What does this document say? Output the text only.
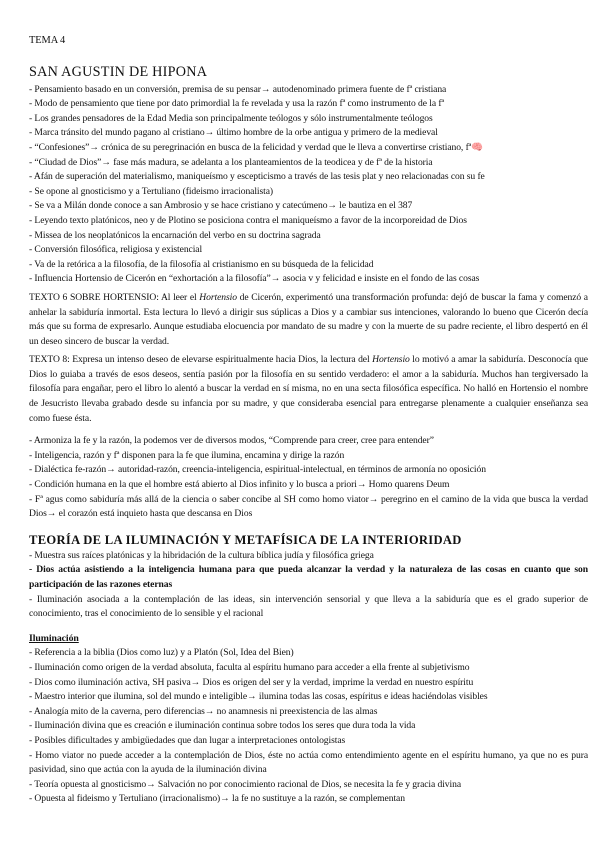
TEMA 4
SAN AGUSTIN DE HIPONA
- Pensamiento basado en un conversión, premisa de su pensar→ autodenominado primera fuente de fª cristiana
- Modo de pensamiento que tiene por dato primordial la fe revelada y usa la razón fª como instrumento de la fª
- Los grandes pensadores de la Edad Media son principalmente teólogos y sólo instrumentalmente teólogos
- Marca tránsito del mundo pagano al cristiano→ último hombre de la orbe antigua y primero de la medieval
- “Confesiones”→ crónica de su peregrinación en busca de la felicidad y verdad que le lleva a convertirse cristiano, fª🧠
- “Ciudad de Dios”→ fase más madura, se adelanta a los planteamientos de la teodicea y de fª de la historia
- Afán de superación del materialismo, maniqueísmo y escepticismo a través de las tesis plat y neo relacionadas con su fe
- Se opone al gnosticismo y a Tertuliano (fideismo irracionalista)
- Se va a Milán donde conoce a san Ambrosio y se hace cristiano y catecúmeno→ le bautiza en el 387
- Leyendo texto platónicos, neo y de Plotino se posiciona contra el maniqueísmo a favor de la incorporeidad de Dios
- Missea de los neoplatónicos la encarnación del verbo en su doctrina sagrada
- Conversión filosófica, religiosa y existencial
- Va de la retórica a la filosofía, de la filosofía al cristianismo en su búsqueda de la felicidad
- Influencia Hortensio de Cicerón en “exhortación a la filosofía”→ asocia v y felicidad e insiste en el fondo de las cosas
TEXTO 6 SOBRE HORTENSIO: Al leer el Hortensio de Cicerón, experimentó una transformación profunda: dejó de buscar la fama y comenzó a anhelar la sabiduría inmortal. Esta lectura lo llevó a dirigir sus súplicas a Dios y a cambiar sus intenciones, valorando lo bueno que Cicerón decía más que su forma de expresarlo. Aunque estudiaba elocuencia por mandato de su madre y con la muerte de su padre reciente, el libro despertó en él un deseo sincero de buscar la verdad.
TEXTO 8: Expresa un intenso deseo de elevarse espiritualmente hacia Dios, la lectura del Hortensio lo motivó a amar la sabiduría. Desconocía que Dios lo guiaba a través de esos deseos, sentía pasión por la filosofía en su sentido verdadero: el amor a la sabiduría. Muchos han tergiversado la filosofía para engañar, pero el libro lo alentó a buscar la verdad en sí misma, no en una secta filosófica específica. No halló en Hortensio el nombre de Jesucristo llevaba grabado desde su infancia por su madre, y que consideraba esencial para entregarse plenamente a cualquier enseñanza sea como fuese ésta.
- Armoniza la fe y la razón, la podemos ver de diversos modos, “Comprende para creer, cree para entender”
- Inteligencia, razón y fª disponen para la fe que ilumina, encamina y dirige la razón
- Dialéctica fe-razón→ autoridad-razón, creencia-inteligencia, espiritual-intelectual, en términos de armonía no oposición
- Condición humana en la que el hombre está abierto al Dios infinito y lo busca a priori→ Homo quarens Deum
- Fª agus como sabiduría más allá de la ciencia o saber concibe al SH como homo viator→ peregrino en el camino de la vida que busca la verdad Dios→ el corazón está inquieto hasta que descansa en Dios
TEORÍA DE LA ILUMINACIÓN Y METAFÍSICA DE LA INTERIORIDAD
- Muestra sus raíces platónicas y la hibridación de la cultura bíblica judía y filosófica griega
- Dios actúa asistiendo a la inteligencia humana para que pueda alcanzar la verdad y la naturaleza de las cosas en cuanto que son participación de las razones eternas
- Iluminación asociada a la contemplación de las ideas, sin intervención sensorial y que lleva a la sabiduría que es el grado superior de conocimiento, tras el conocimiento de lo sensible y el racional
Iluminación
- Referencia a la biblia (Dios como luz) y a Platón (Sol, Idea del Bien)
- Iluminación como origen de la verdad absoluta, faculta al espíritu humano para acceder a ella frente al subjetivismo
- Dios como iluminación activa, SH pasiva→ Dios es origen del ser y la verdad, imprime la verdad en nuestro espíritu
- Maestro interior que ilumina, sol del mundo e inteligible→ ilumina todas las cosas, espíritus e ideas haciéndolas visibles
- Analogía mito de la caverna, pero diferencias→ no anamnesis ni preexistencia de las almas
- Iluminación divina que es creación e iluminación continua sobre todos los seres que dura toda la vida
- Posibles dificultades y ambigüedades que dan lugar a interpretaciones ontologistas
- Homo viator no puede acceder a la contemplación de Dios, éste no actúa como entendimiento agente en el espíritu humano, ya que no es pura pasividad, sino que actúa con la ayuda de la iluminación divina
- Teoría opuesta al gnosticismo→ Salvación no por conocimiento racional de Dios, se necesita la fe y gracia divina
- Opuesta al fideismo y Tertuliano (irracionalismo)→ la fe no sustituye a la razón, se complementan
